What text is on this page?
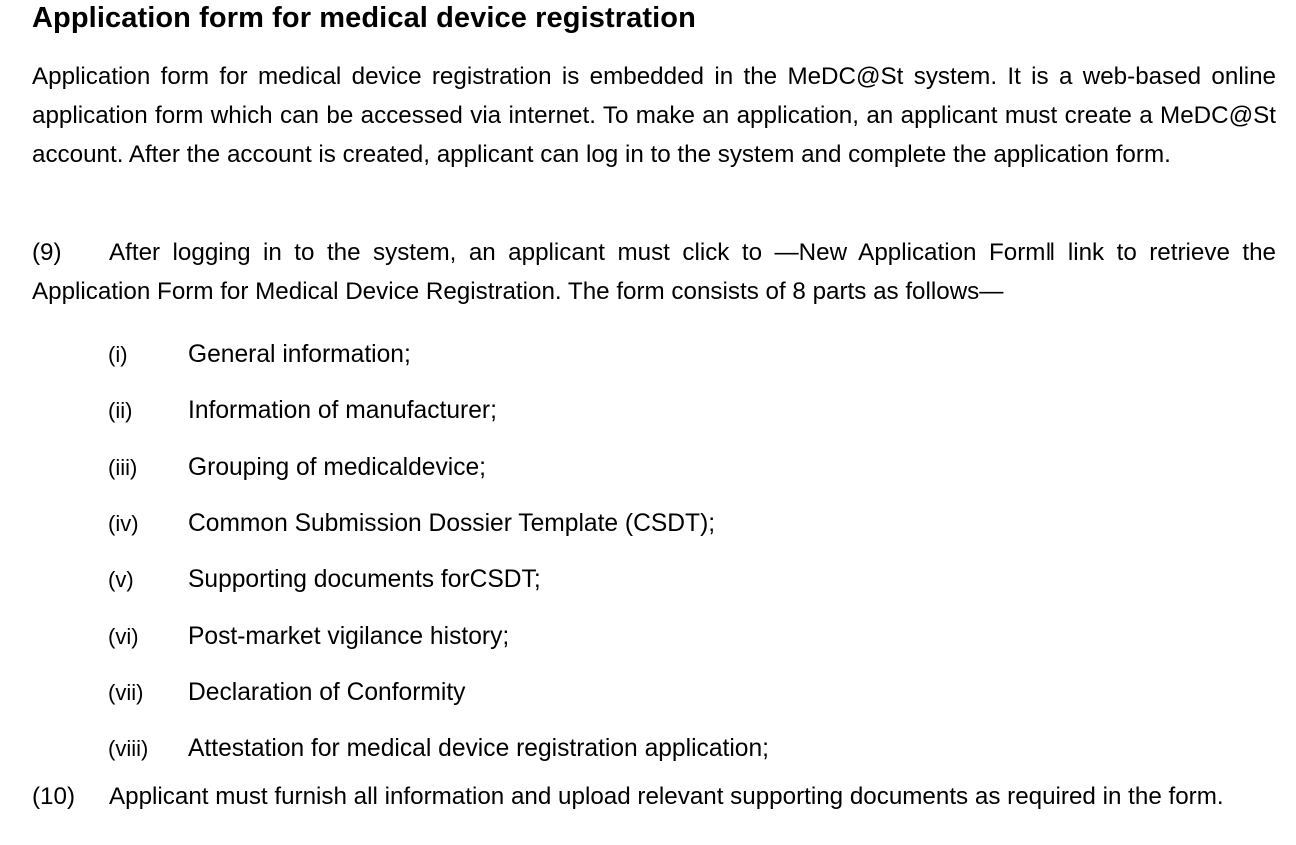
Application form for medical device registration

Application form for medical device registration is embedded in the MeDC@St system. It is a web-based online application form which can be accessed via internet. To make an application, an applicant must create a MeDC@St account. After the account is created, applicant can log in to the system and complete the application form.

(9) After logging in to the system, an applicant must click to —New Application Form‖ link to retrieve the Application Form for Medical Device Registration. The form consists of 8 parts as follows—

(i)	General information;
(ii)	Information of manufacturer;
(iii)	Grouping of medicaldevice;
(iv)	Common Submission Dossier Template (CSDT);
(v)	Supporting documents forCSDT;
(vi)	Post-market vigilance history;
(vii)	Declaration of Conformity
(viii)	Attestation for medical device registration application;

(10) Applicant must furnish all information and upload relevant supporting documents as required in the form.
